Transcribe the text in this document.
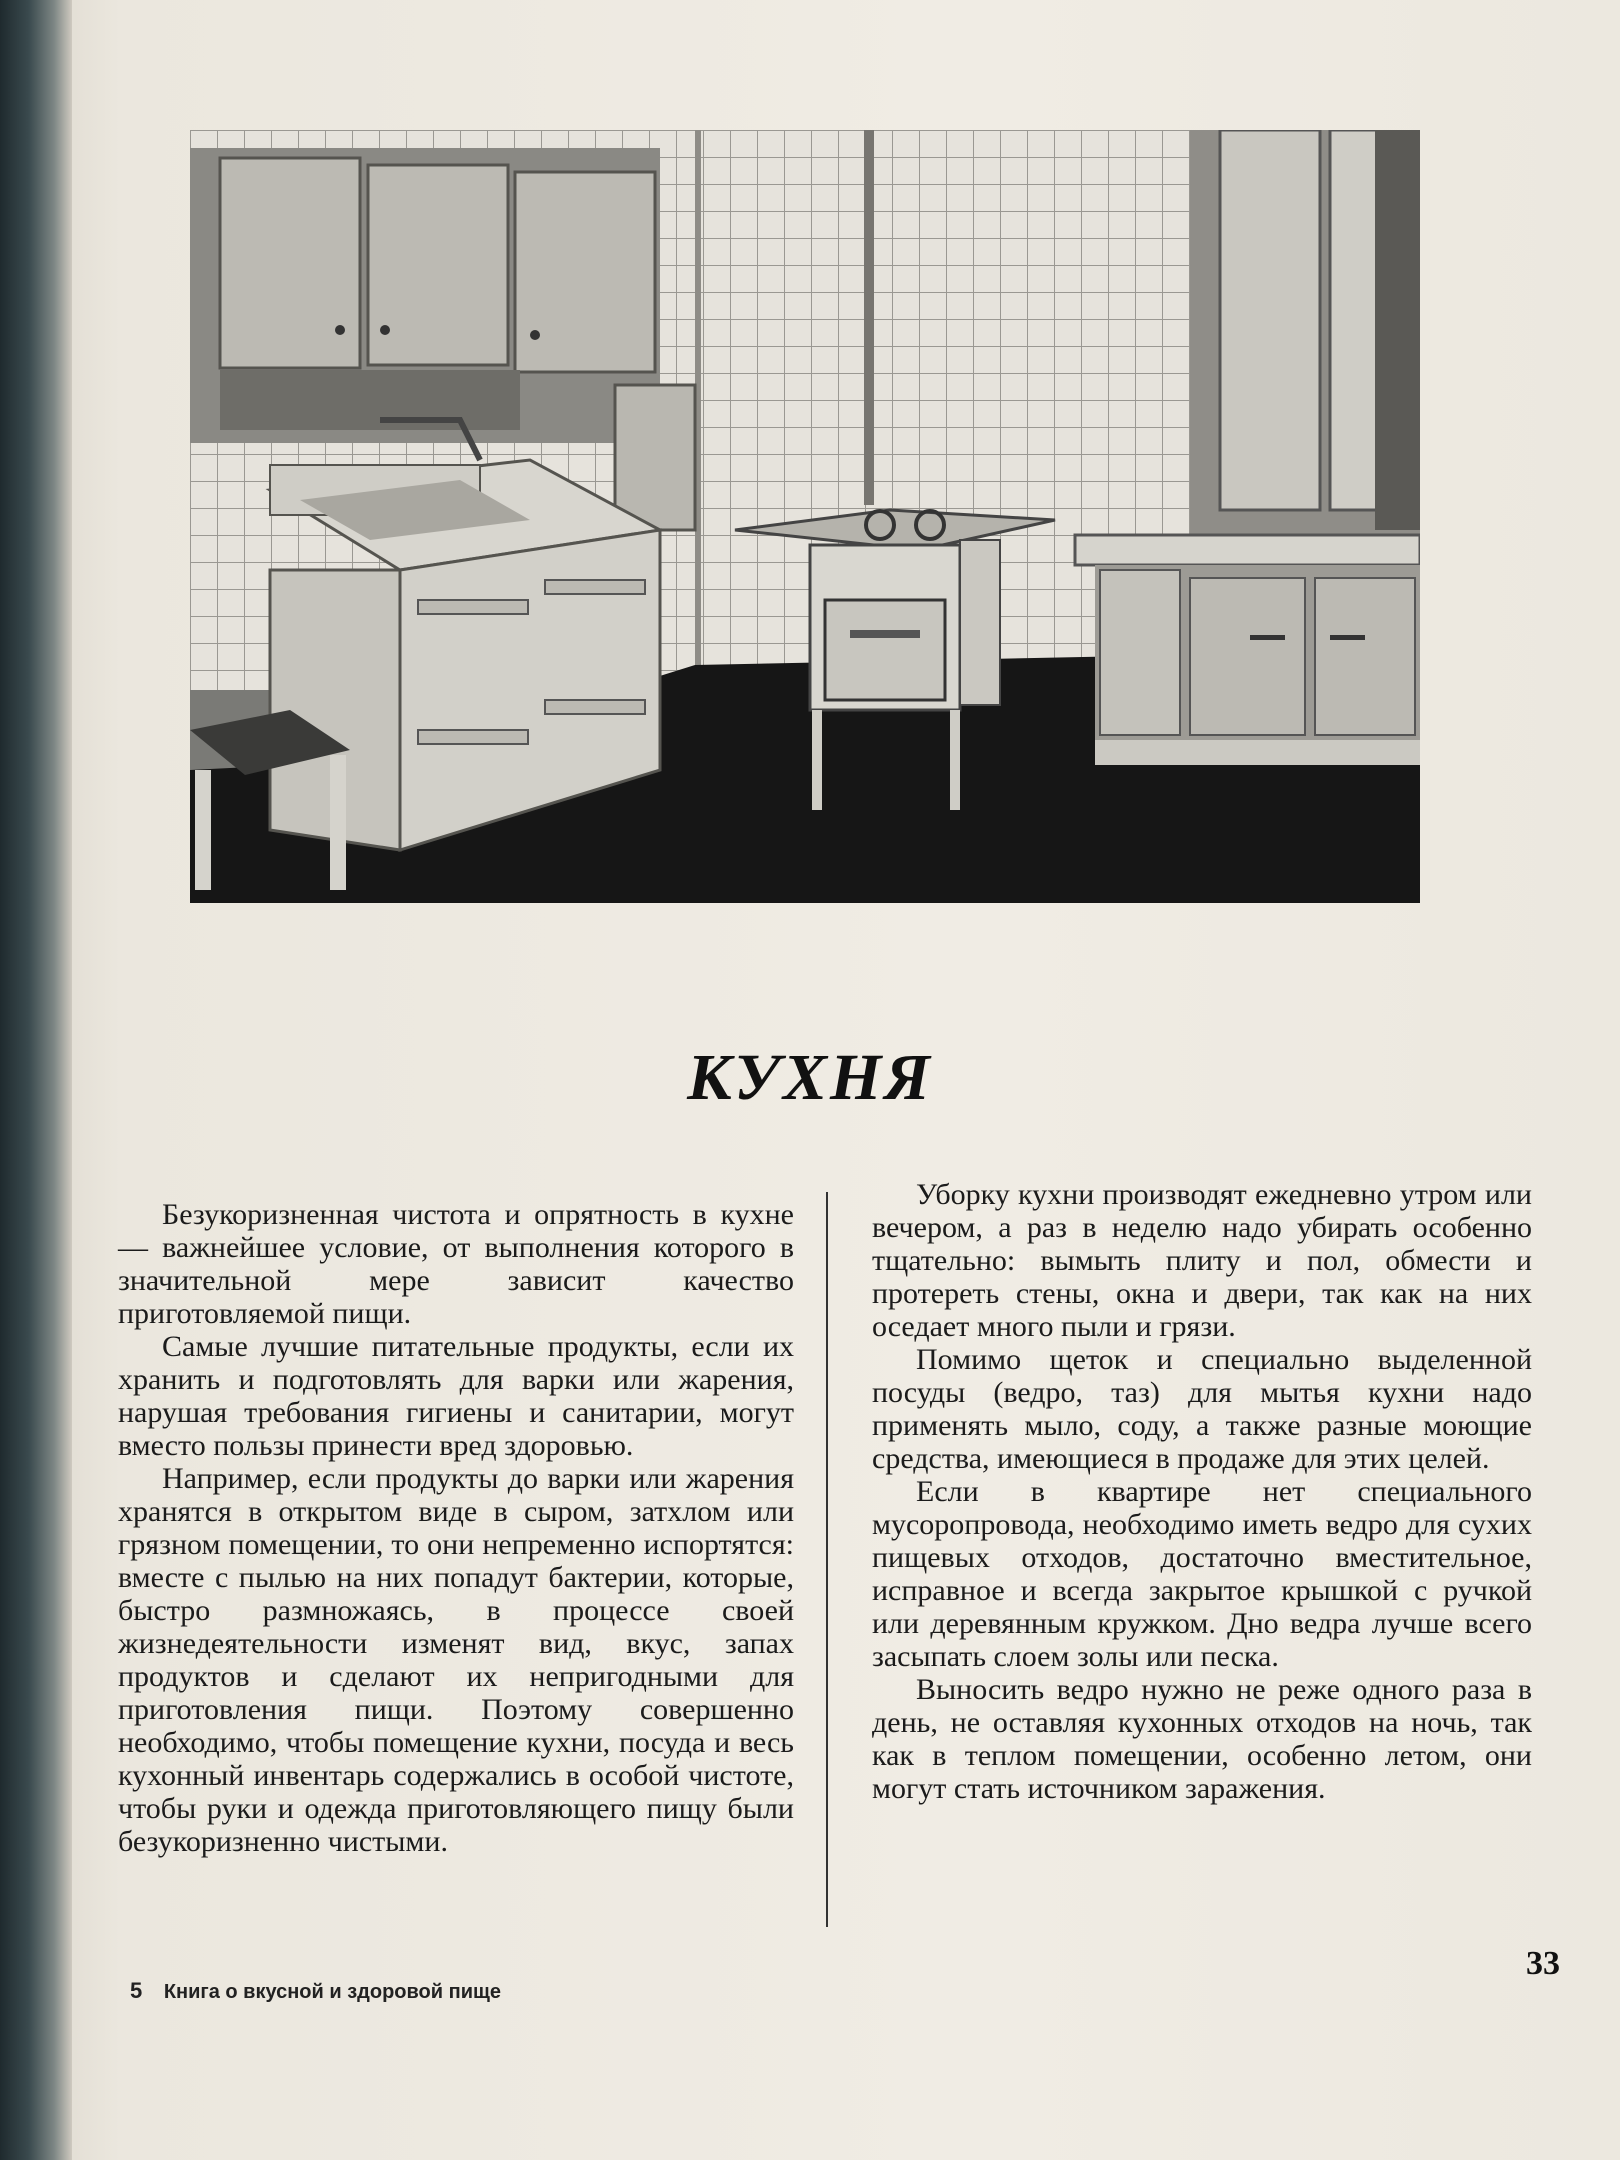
КУХНЯ

Безукоризненная чистота и опрятность в кухне — важнейшее условие, от выполнения которого в значительной мере зависит качество приготовляемой пищи.

Самые лучшие питательные продукты, если их хранить и подготовлять для варки или жарения, нарушая требования гигиены и санитарии, могут вместо пользы принести вред здоровью.

Например, если продукты до варки или жарения хранятся в открытом виде в сыром, затхлом или грязном помещении, то они непременно испортятся: вместе с пылью на них попадут бактерии, которые, быстро размножаясь, в процессе своей жизнедеятельности изменят вид, вкус, запах продуктов и сделают их непригодными для приготовления пищи. Поэтому совершенно необходимо, чтобы помещение кухни, посуда и весь кухонный инвентарь содержались в особой чистоте, чтобы руки и одежда приготовляющего пищу были безукоризненно чистыми.

Уборку кухни производят ежедневно утром или вечером, а раз в неделю надо убирать особенно тщательно: вымыть плиту и пол, обмести и протереть стены, окна и двери, так как на них оседает много пыли и грязи.

Помимо щеток и специально выделенной посуды (ведро, таз) для мытья кухни надо применять мыло, соду, а также разные моющие средства, имеющиеся в продаже для этих целей.

Если в квартире нет специального мусоропровода, необходимо иметь ведро для сухих пищевых отходов, достаточно вместительное, исправное и всегда закрытое крышкой с ручкой или деревянным кружком. Дно ведра лучше всего засыпать слоем золы или песка.

Выносить ведро нужно не реже одного раза в день, не оставляя кухонных отходов на ночь, так как в теплом помещении, особенно летом, они могут стать источником заражения.

5 Книга о вкусной и здоровой пище
33
